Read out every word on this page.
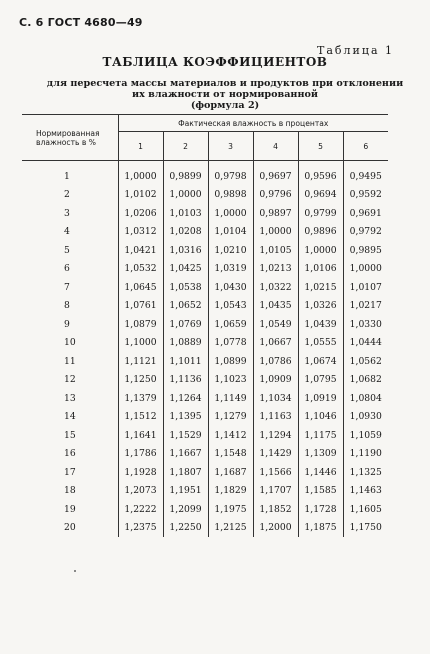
С. 6 ГОСТ 4680—49
Таблица 1
ТАБЛИЦА КОЭФФИЦИЕНТОВ
для пересчета массы материалов и продуктов при отклонении
их влажности от нормированной
(формула 2)
Нормированная влажность в %	Фактическая влажность в процентах					
	1	2	3	4	5	6
1	1,0000	0,9899	0,9798	0,9697	0,9596	0,9495
2	1,0102	1,0000	0,9898	0,9796	0,9694	0,9592
3	1,0206	1,0103	1,0000	0,9897	0,9799	0,9691
4	1,0312	1,0208	1,0104	1,0000	0,9896	0,9792
5	1,0421	1,0316	1,0210	1,0105	1,0000	0,9895
6	1,0532	1,0425	1,0319	1,0213	1,0106	1,0000
7	1,0645	1,0538	1,0430	1,0322	1,0215	1,0107
8	1,0761	1,0652	1,0543	1,0435	1,0326	1,0217
9	1,0879	1,0769	1,0659	1,0549	1,0439	1,0330
10	1,1000	1,0889	1,0778	1,0667	1,0555	1,0444
11	1,1121	1,1011	1,0899	1,0786	1,0674	1,0562
12	1,1250	1,1136	1,1023	1,0909	1,0795	1,0682
13	1,1379	1,1264	1,1149	1,1034	1,0919	1,0804
14	1,1512	1,1395	1,1279	1,1163	1,1046	1,0930
15	1,1641	1,1529	1,1412	1,1294	1,1175	1,1059
16	1,1786	1,1667	1,1548	1,1429	1,1309	1,1190
17	1,1928	1,1807	1,1687	1,1566	1,1446	1,1325
18	1,2073	1,1951	1,1829	1,1707	1,1585	1,1463
19	1,2222	1,2099	1,1975	1,1852	1,1728	1,1605
20	1,2375	1,2250	1,2125	1,2000	1,1875	1,1750
